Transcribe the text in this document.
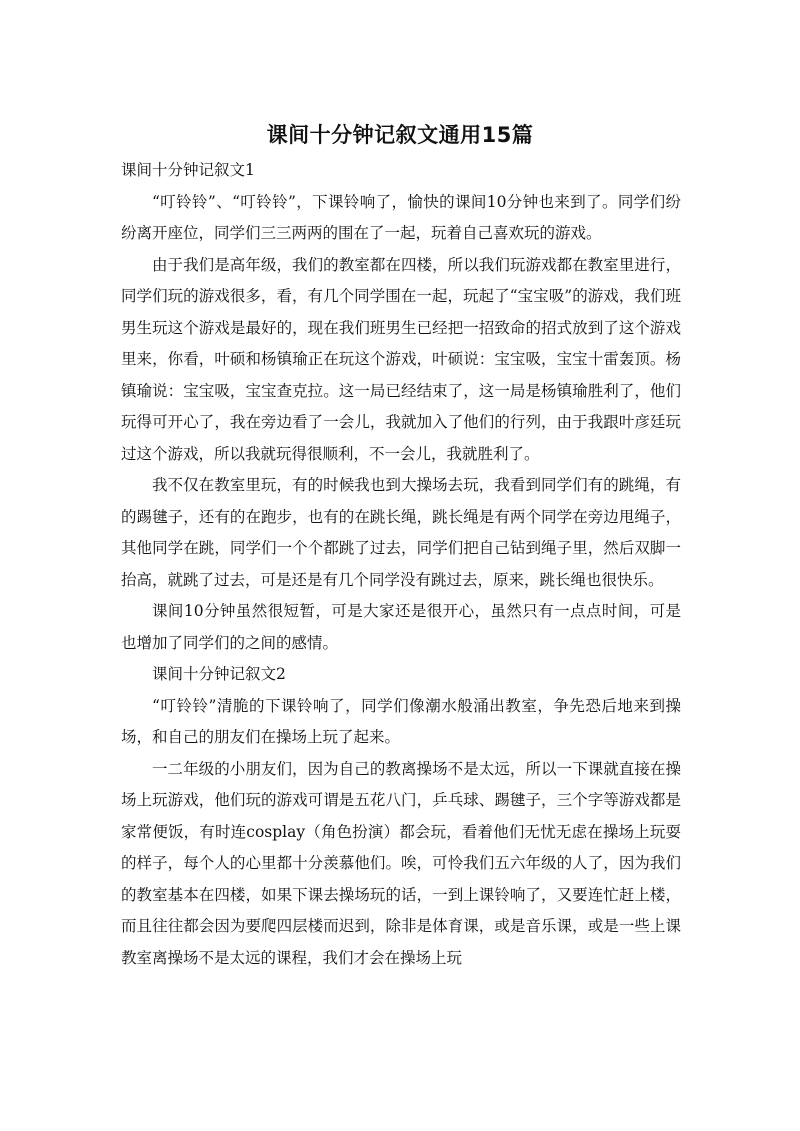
课间十分钟记叙文通用15篇

课间十分钟记叙文1

“叮铃铃”、“叮铃铃”，下课铃响了，愉快的课间10分钟也来到了。同学们纷纷离开座位，同学们三三两两的围在了一起，玩着自己喜欢玩的游戏。

由于我们是高年级，我们的教室都在四楼，所以我们玩游戏都在教室里进行，同学们玩的游戏很多，看，有几个同学围在一起，玩起了“宝宝吸”的游戏，我们班男生玩这个游戏是最好的，现在我们班男生已经把一招致命的招式放到了这个游戏里来，你看，叶硕和杨镇瑜正在玩这个游戏，叶硕说：宝宝吸，宝宝十雷轰顶。杨镇瑜说：宝宝吸，宝宝查克拉。这一局已经结束了，这一局是杨镇瑜胜利了，他们玩得可开心了，我在旁边看了一会儿，我就加入了他们的行列，由于我跟叶彦廷玩过这个游戏，所以我就玩得很顺利，不一会儿，我就胜利了。

我不仅在教室里玩，有的时候我也到大操场去玩，我看到同学们有的跳绳，有的踢毽子，还有的在跑步，也有的在跳长绳，跳长绳是有两个同学在旁边甩绳子，其他同学在跳，同学们一个个都跳了过去，同学们把自己钻到绳子里，然后双脚一抬高，就跳了过去，可是还是有几个同学没有跳过去，原来，跳长绳也很快乐。

课间10分钟虽然很短暂，可是大家还是很开心，虽然只有一点点时间，可是也增加了同学们的之间的感情。

课间十分钟记叙文2

“叮铃铃”清脆的下课铃响了，同学们像潮水般涌出教室，争先恐后地来到操场，和自己的朋友们在操场上玩了起来。

一二年级的小朋友们，因为自己的教离操场不是太远，所以一下课就直接在操场上玩游戏，他们玩的游戏可谓是五花八门，乒乓球、踢毽子，三个字等游戏都是家常便饭，有时连cosplay（角色扮演）都会玩，看着他们无忧无虑在操场上玩耍的样子，每个人的心里都十分羡慕他们。唉，可怜我们五六年级的人了，因为我们的教室基本在四楼，如果下课去操场玩的话，一到上课铃响了，又要连忙赶上楼，而且往往都会因为要爬四层楼而迟到，除非是体育课，或是音乐课，或是一些上课教室离操场不是太远的课程，我们才会在操场上玩
